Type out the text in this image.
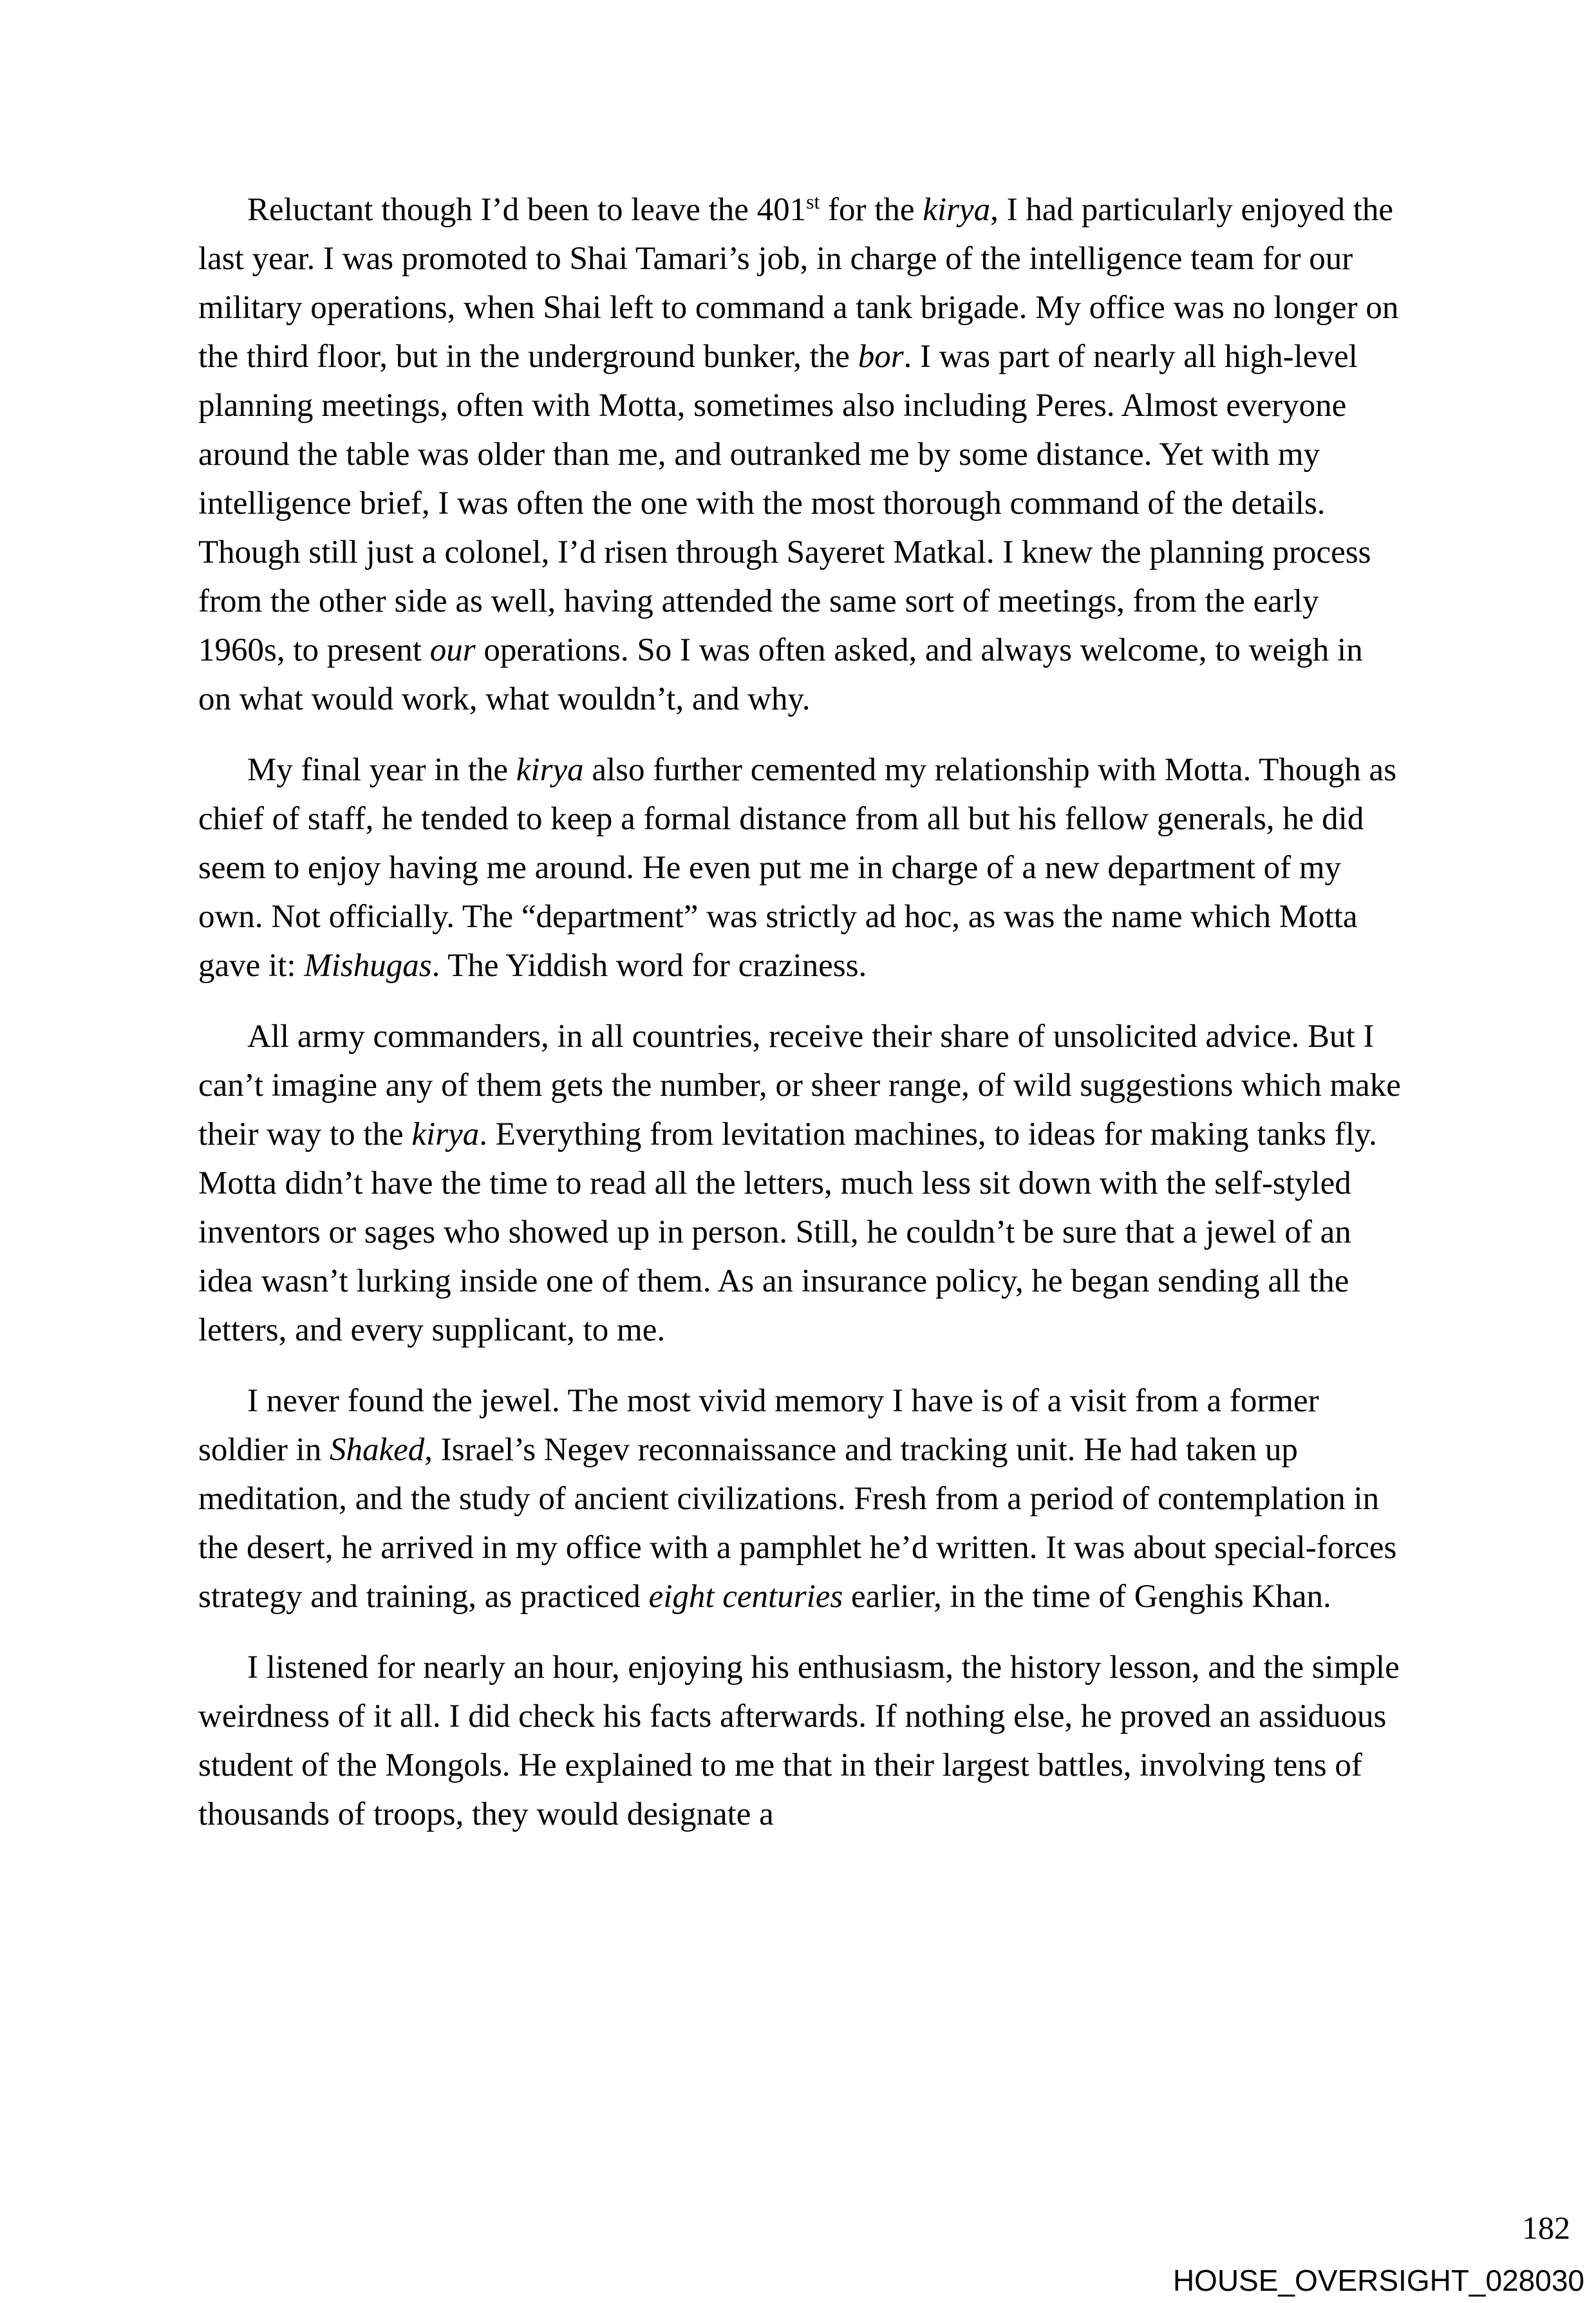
Reluctant though I’d been to leave the 401st for the kirya, I had particularly enjoyed the last year. I was promoted to Shai Tamari’s job, in charge of the intelligence team for our military operations, when Shai left to command a tank brigade. My office was no longer on the third floor, but in the underground bunker, the bor. I was part of nearly all high-level planning meetings, often with Motta, sometimes also including Peres. Almost everyone around the table was older than me, and outranked me by some distance. Yet with my intelligence brief, I was often the one with the most thorough command of the details. Though still just a colonel, I’d risen through Sayeret Matkal. I knew the planning process from the other side as well, having attended the same sort of meetings, from the early 1960s, to present our operations. So I was often asked, and always welcome, to weigh in on what would work, what wouldn’t, and why.

My final year in the kirya also further cemented my relationship with Motta. Though as chief of staff, he tended to keep a formal distance from all but his fellow generals, he did seem to enjoy having me around. He even put me in charge of a new department of my own. Not officially. The “department” was strictly ad hoc, as was the name which Motta gave it: Mishugas. The Yiddish word for craziness.

All army commanders, in all countries, receive their share of unsolicited advice. But I can’t imagine any of them gets the number, or sheer range, of wild suggestions which make their way to the kirya. Everything from levitation machines, to ideas for making tanks fly. Motta didn’t have the time to read all the letters, much less sit down with the self-styled inventors or sages who showed up in person. Still, he couldn’t be sure that a jewel of an idea wasn’t lurking inside one of them. As an insurance policy, he began sending all the letters, and every supplicant, to me.

I never found the jewel. The most vivid memory I have is of a visit from a former soldier in Shaked, Israel’s Negev reconnaissance and tracking unit. He had taken up meditation, and the study of ancient civilizations. Fresh from a period of contemplation in the desert, he arrived in my office with a pamphlet he’d written. It was about special-forces strategy and training, as practiced eight centuries earlier, in the time of Genghis Khan.

I listened for nearly an hour, enjoying his enthusiasm, the history lesson, and the simple weirdness of it all. I did check his facts afterwards. If nothing else, he proved an assiduous student of the Mongols. He explained to me that in their largest battles, involving tens of thousands of troops, they would designate a

182
HOUSE_OVERSIGHT_028030
